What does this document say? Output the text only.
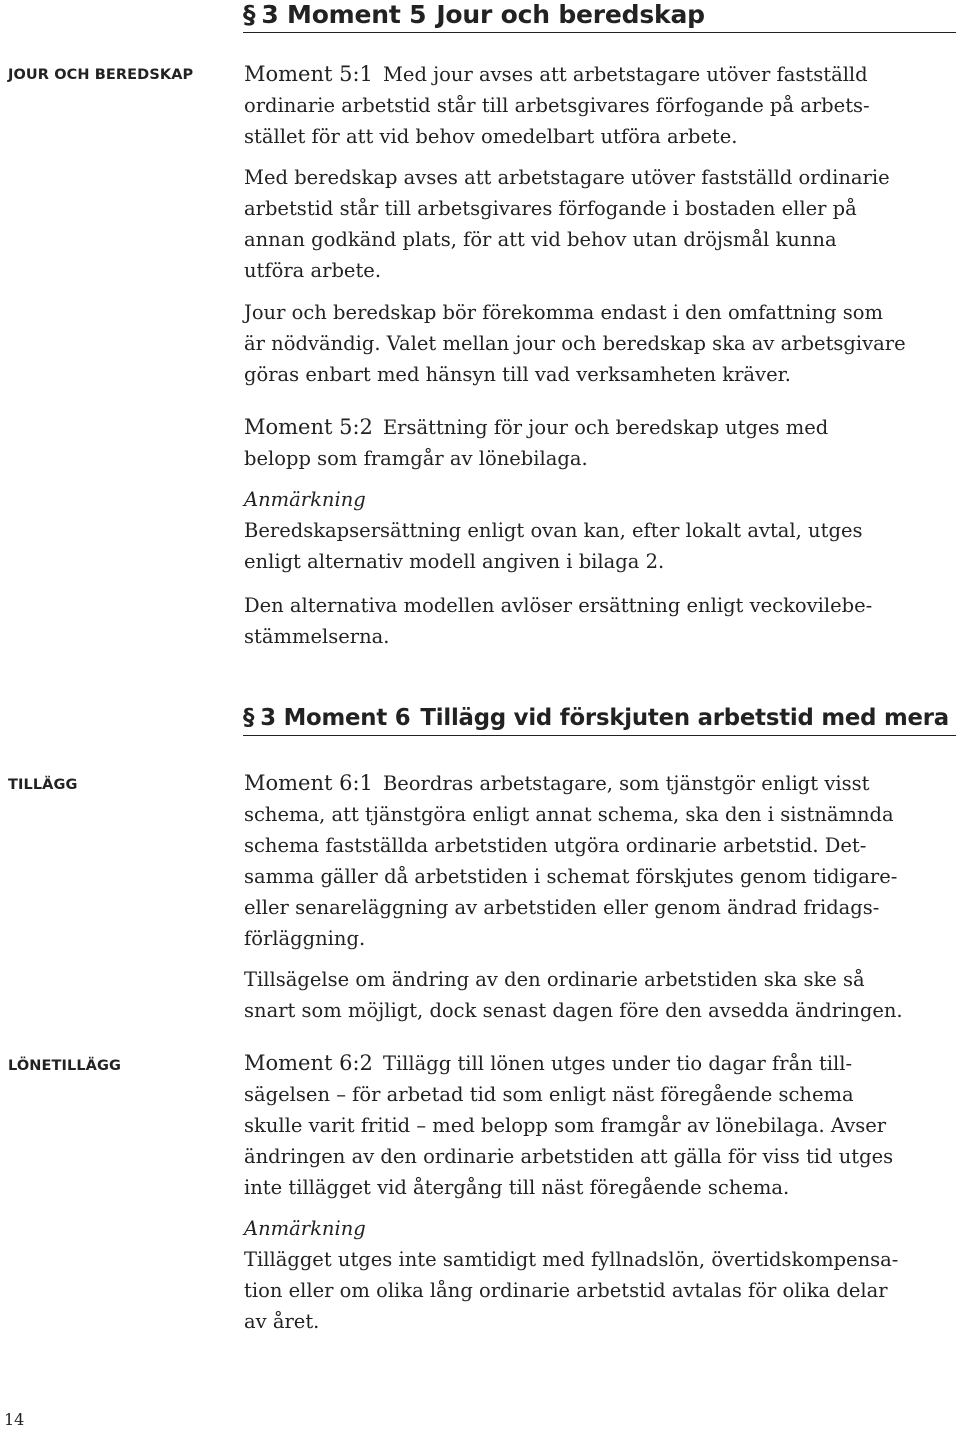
§ 3 Moment 5 Jour och beredskap
JOUR OCH BEREDSKAP Moment 5:1 Med jour avses att arbetstagare utöver fastställd
ordinarie arbetstid står till arbetsgivares förfogande på arbets-
stället för att vid behov omedelbart utföra arbete.
Med beredskap avses att arbetstagare utöver fastställd ordinarie
arbetstid står till arbetsgivares förfogande i bostaden eller på
annan godkänd plats, för att vid behov utan dröjsmål kunna
utföra arbete.
Jour och beredskap bör förekomma endast i den omfattning som
är nödvändig. Valet mellan jour och beredskap ska av arbetsgivare
göras enbart med hänsyn till vad verksamheten kräver.
Moment 5:2 Ersättning för jour och beredskap utges med
belopp som framgår av lönebilaga.
Anmärkning
Beredskapsersättning enligt ovan kan, efter lokalt avtal, utges
enligt alternativ modell angiven i bilaga 2.
Den alternativa modellen avlöser ersättning enligt veckovilebe-
stämmelserna.
§ 3 Moment 6 Tillägg vid förskjuten arbetstid med mera
TILLÄGG	Moment 6:1 Beordras arbetstagare, som tjänstgör enligt visst
schema, att tjänstgöra enligt annat schema, ska den i sistnämnda
schema fastställda arbetstiden utgöra ordinarie arbetstid. Det-
samma gäller då arbetstiden i schemat förskjutes genom tidigare-
eller senareläggning av arbetstiden eller genom ändrad fridags-
förläggning.
Tillsägelse om ändring av den ordinarie arbetstiden ska ske så
snart som möjligt, dock senast dagen före den avsedda ändringen.
LÖNETILLÄGG	Moment 6:2 Tillägg till lönen utges under tio dagar från till-
sägelsen – för arbetad tid som enligt näst föregående schema
skulle varit fritid – med belopp som framgår av lönebilaga. Avser
ändringen av den ordinarie arbetstiden att gälla för viss tid utges
inte tillägget vid återgång till näst föregående schema.
Anmärkning
Tillägget utges inte samtidigt med fyllnadslön, övertidskompensa-
tion eller om olika lång ordinarie arbetstid avtalas för olika delar
av året.
14
